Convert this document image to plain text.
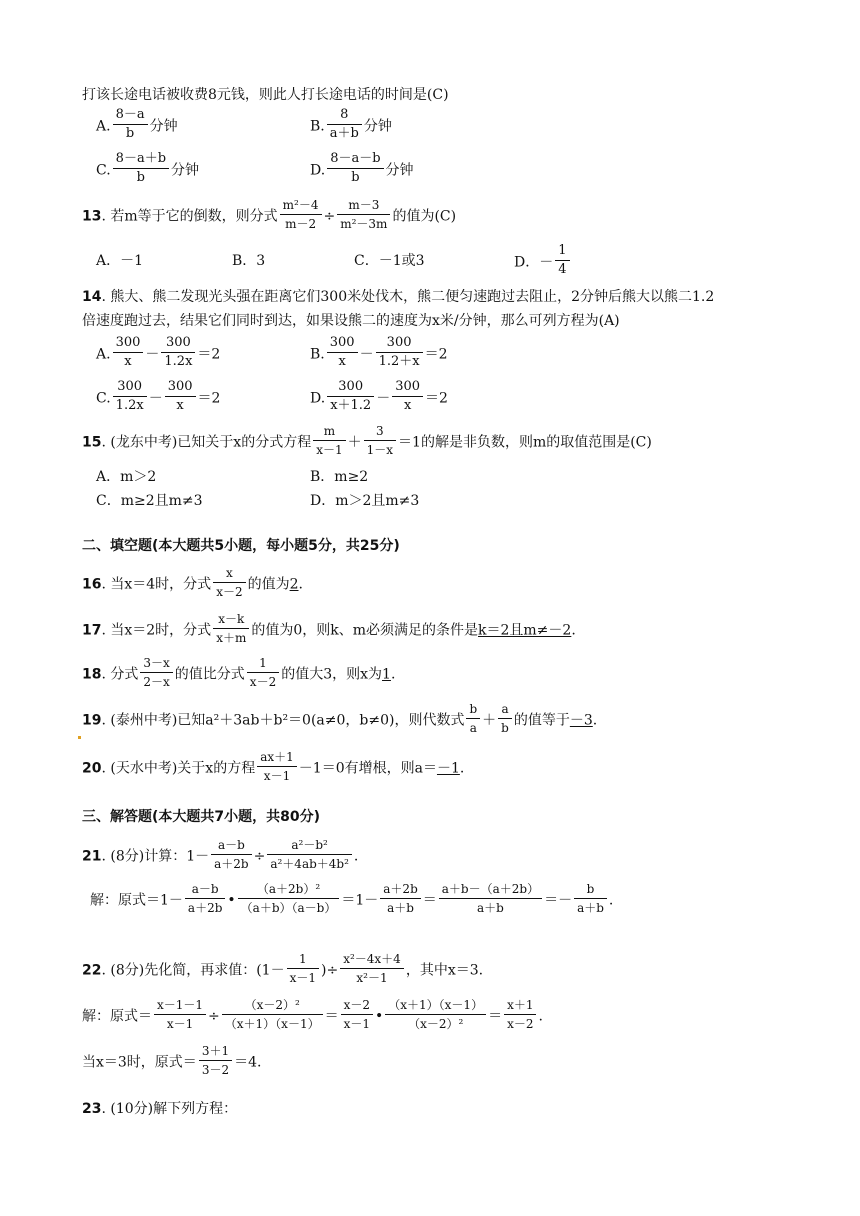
打该长途电话被收费8元钱，则此人打长途电话的时间是(C)
A. $\frac{8-a}{b}$ 分钟	B. $\frac{8}{a+b}$ 分钟
C. $\frac{8-a+b}{b}$ 分钟	D. $\frac{8-a-b}{b}$ 分钟
13. 若m等于它的倒数，则分式 $\frac{\text{m²－4}}{m-2} \div \frac{m-3}{\text{m²－3m}}$ 的值为(C)
A．－1	B．3	C．－1或3	D．－ $\frac{1}{4}$
14. 熊大、熊二发现光头强在距离它们300米处伐木，熊二便匀速跑过去阻止，2分钟后熊大以熊二1.2
倍速度跑过去，结果它们同时到达，如果设熊二的速度为x米/分钟，那么可列方程为(A)
A. $\frac{300}{x} - \frac{300}{1.2x} =2$	B. $\frac{300}{x} - \frac{300}{1.2+x} =2$
C. $\frac{300}{1.2x} - \frac{300}{x} =2$	D. $\frac{300}{x+1.2} - \frac{300}{x} =2$
15. (龙东中考)已知关于x的分式方程 $\frac{m}{x-1} + \frac{3}{1-x} =1$的解是非负数，则m的取值范围是(C)
A．m＞2	B．m≥2
C．m≥2且m≠3	D．m＞2且m≠3
二、填空题(本大题共5小题，每小题5分，共25分)
16. 当x＝4时，分式 $\frac{x}{x-2}$ 的值为2.
17. 当x＝2时，分式 $\frac{x-k}{x+m}$ 的值为0，则k、m必须满足的条件是k＝2且m≠－2.
18. 分式 $\frac{3-x}{2-x}$ 的值比分式 $\frac{1}{x-2}$ 的值大3，则x为1.
19. (泰州中考)已知a²＋3ab＋b²＝0(a≠0，b≠0)，则代数式 $\frac{b}{a} + \frac{a}{b}$ 的值等于－3.
20. (天水中考)关于x的方程 $\frac{ax+1}{x-1} -1=0$有增根，则a＝－1.
三、解答题(本大题共7小题，共80分)
21. (8分)计算：$1- \frac{a-b}{a+2b} \div \frac{\text{a²－b²}}{\text{a²＋4ab＋4b²}}$ .
解：原式$=1- \frac{a-b}{a+2b}$ • $\frac{\text{（a＋2b）²}}{(a+b)(a-b)} =1- \frac{a+2b}{a+b} = \frac{a+b-(a+2b)}{a+b} =- \frac{b}{a+b}$ .
22. (8分)先化简，再求值：($1- \frac{1}{x-1}$ )÷ $\frac{\text{x²－4x＋4}}{\text{x²－1}}$ ，其中x＝3.
解：原式＝ $\frac{x-1-1}{x-1} \div \frac{\text{（x－2）²}}{(x+1)(x-1)} = \frac{x-2}{x-1}$ • $\frac{(x+1)(x-1)}{\text{（x－2）²}} = \frac{x+1}{x-2}$ .
当x＝3时，原式＝ $\frac{3+1}{3-2} =4$.
23. (10分)解下列方程：
